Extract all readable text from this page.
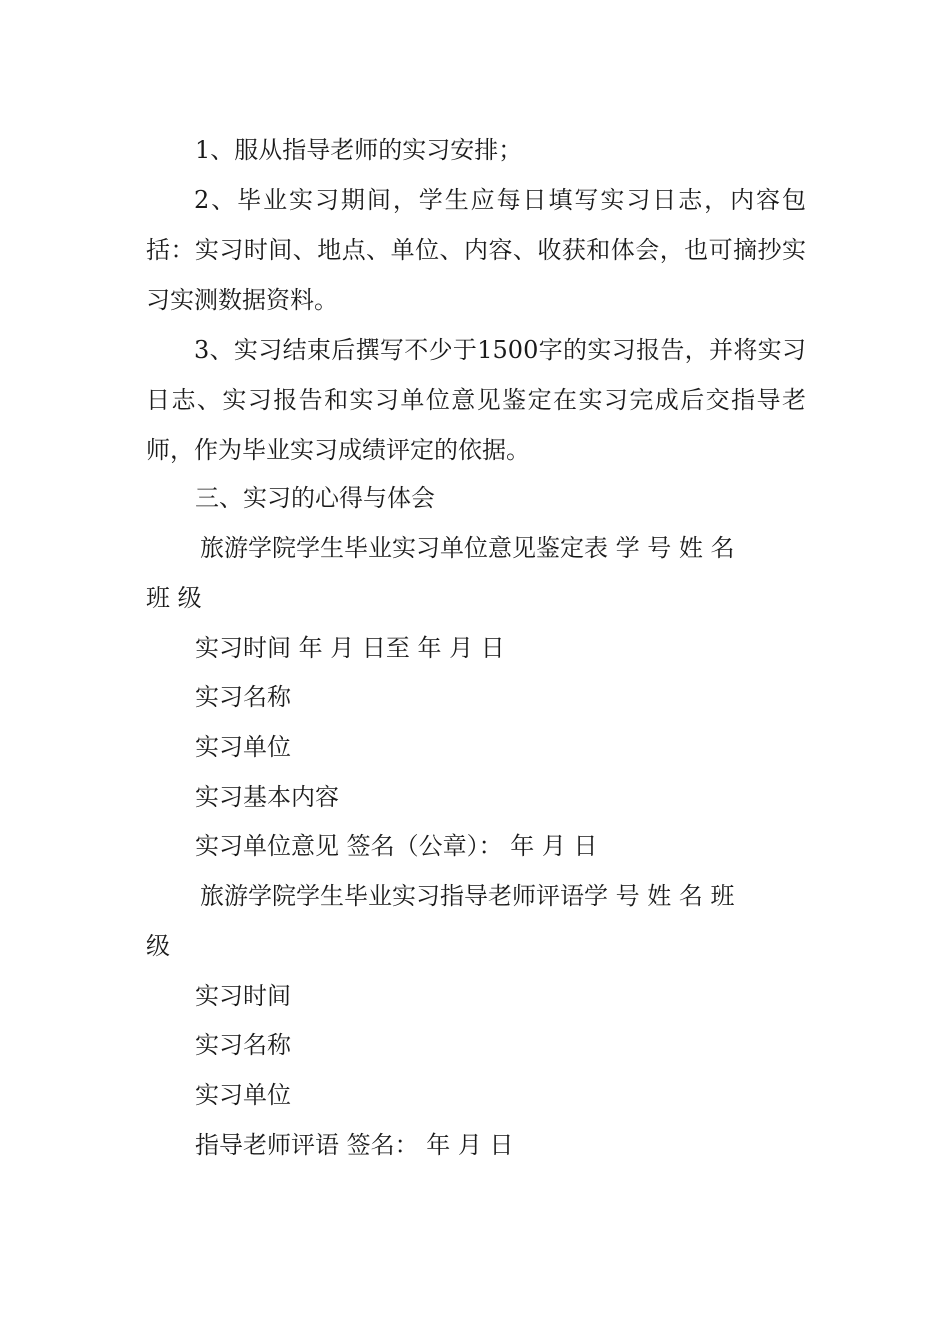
1、服从指导老师的实习安排；
2、毕业实习期间，学生应每日填写实习日志，内容包括：实习时间、地点、单位、内容、收获和体会，也可摘抄实习实测数据资料。
3、实习结束后撰写不少于1500字的实习报告，并将实习日志、实习报告和实习单位意见鉴定在实习完成后交指导老师，作为毕业实习成绩评定的依据。
三、实习的心得与体会
旅游学院学生毕业实习单位意见鉴定表 学 号 姓 名
班 级
实习时间 年 月 日至 年 月 日
实习名称
实习单位
实习基本内容
实习单位意见 签名（公章）： 年 月 日
旅游学院学生毕业实习指导老师评语学 号 姓 名 班
级
实习时间
实习名称
实习单位
指导老师评语 签名： 年 月 日
